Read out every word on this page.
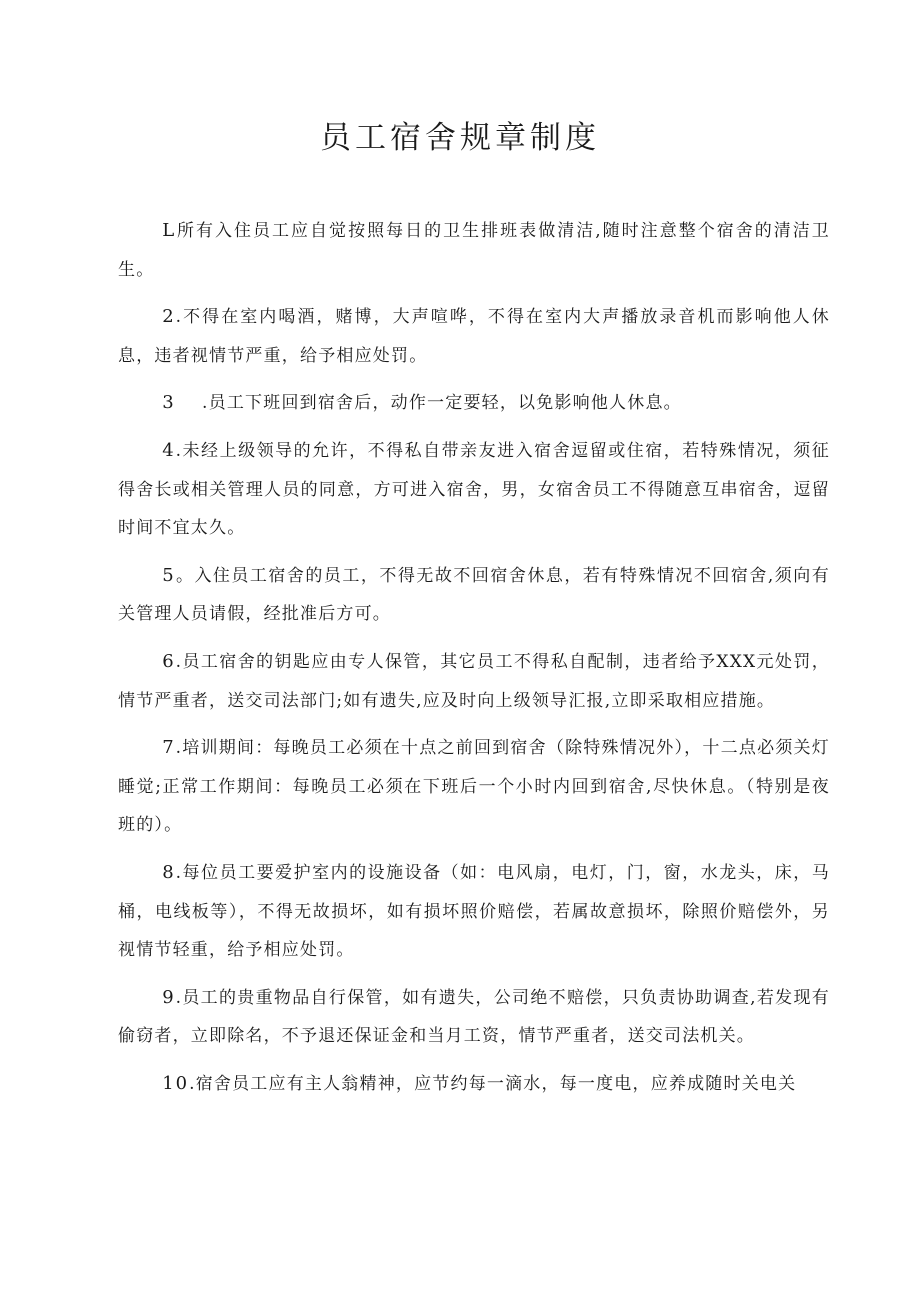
员工宿舍规章制度

L所有入住员工应自觉按照每日的卫生排班表做清洁,随时注意整个宿舍的清洁卫生。

2.不得在室内喝酒，赌博，大声喧哗，不得在室内大声播放录音机而影响他人休息，违者视情节严重，给予相应处罚。

3    .员工下班回到宿舍后，动作一定要轻，以免影响他人休息。

4.未经上级领导的允许，不得私自带亲友进入宿舍逗留或住宿，若特殊情况，须征得舍长或相关管理人员的同意，方可进入宿舍，男，女宿舍员工不得随意互串宿舍，逗留时间不宜太久。

5。入住员工宿舍的员工，不得无故不回宿舍休息，若有特殊情况不回宿舍,须向有关管理人员请假，经批准后方可。

6.员工宿舍的钥匙应由专人保管，其它员工不得私自配制，违者给予XXX元处罚，情节严重者，送交司法部门;如有遗失,应及时向上级领导汇报,立即采取相应措施。

7.培训期间：每晚员工必须在十点之前回到宿舍（除特殊情况外），十二点必须关灯睡觉;正常工作期间：每晚员工必须在下班后一个小时内回到宿舍,尽快休息。（特别是夜班的）。

8.每位员工要爱护室内的设施设备（如：电风扇，电灯，门，窗，水龙头，床，马桶，电线板等），不得无故损坏，如有损坏照价赔偿，若属故意损坏，除照价赔偿外，另视情节轻重，给予相应处罚。

9.员工的贵重物品自行保管，如有遗失，公司绝不赔偿，只负责协助调查,若发现有偷窃者，立即除名，不予退还保证金和当月工资，情节严重者，送交司法机关。

10.宿舍员工应有主人翁精神，应节约每一滴水，每一度电，应养成随时关电关
